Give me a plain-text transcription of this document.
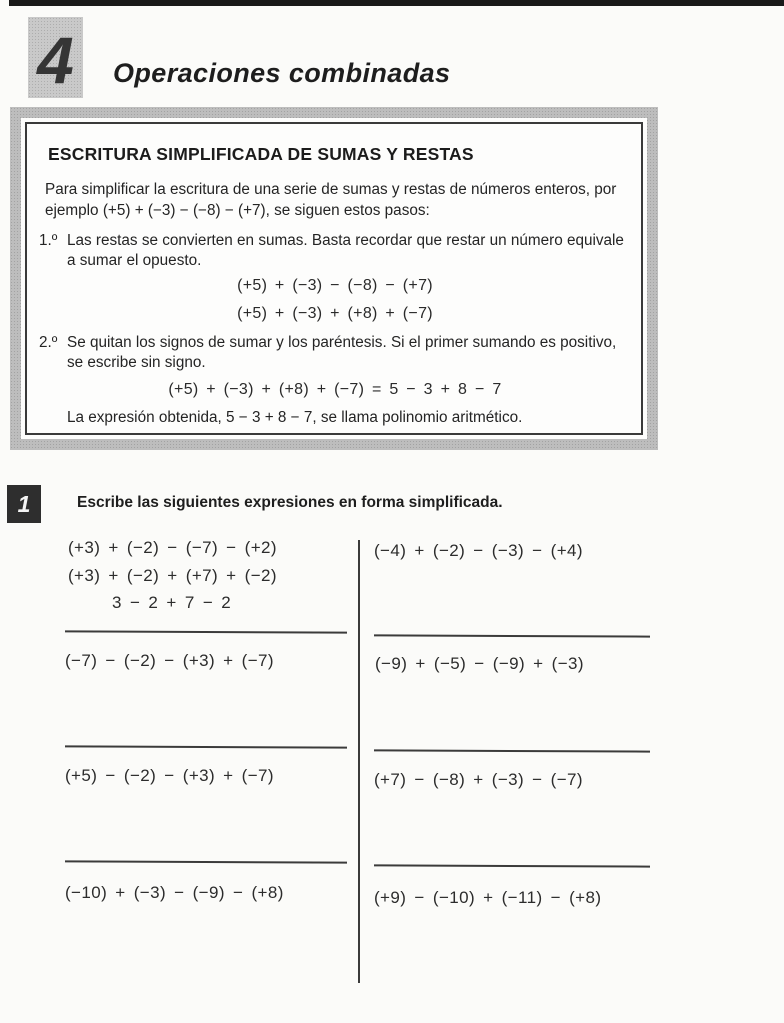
4 Operaciones combinadas
ESCRITURA SIMPLIFICADA DE SUMAS Y RESTAS

Para simplificar la escritura de una serie de sumas y restas de números enteros, por ejemplo (+5) + (−3) − (−8) − (+7), se siguen estos pasos:

1.º Las restas se convierten en sumas. Basta recordar que restar un número equivale a sumar el opuesto.
(+5) + (−3) − (−8) − (+7)
(+5) + (−3) + (+8) + (−7)
2.º Se quitan los signos de sumar y los paréntesis. Si el primer sumando es positivo, se escribe sin signo.
(+5) + (−3) + (+8) + (−7) = 5 − 3 + 8 − 7

La expresión obtenida, 5 − 3 + 8 − 7, se llama polinomio aritmético.

1	Escribe las siguientes expresiones en forma simplificada.
(+3) + (−2) − (−7) − (+2)
(+3) + (−2) + (+7) + (−2)
3 − 2 + 7 − 2
(−7) − (−2) − (+3) + (−7)
(+5) − (−2) − (+3) + (−7)
(−10) + (−3) − (−9) − (+8)
(−4) + (−2) − (−3) − (+4)
(−9) + (−5) − (−9) + (−3)
(+7) − (−8) + (−3) − (−7)
(+9) − (−10) + (−11) − (+8)
